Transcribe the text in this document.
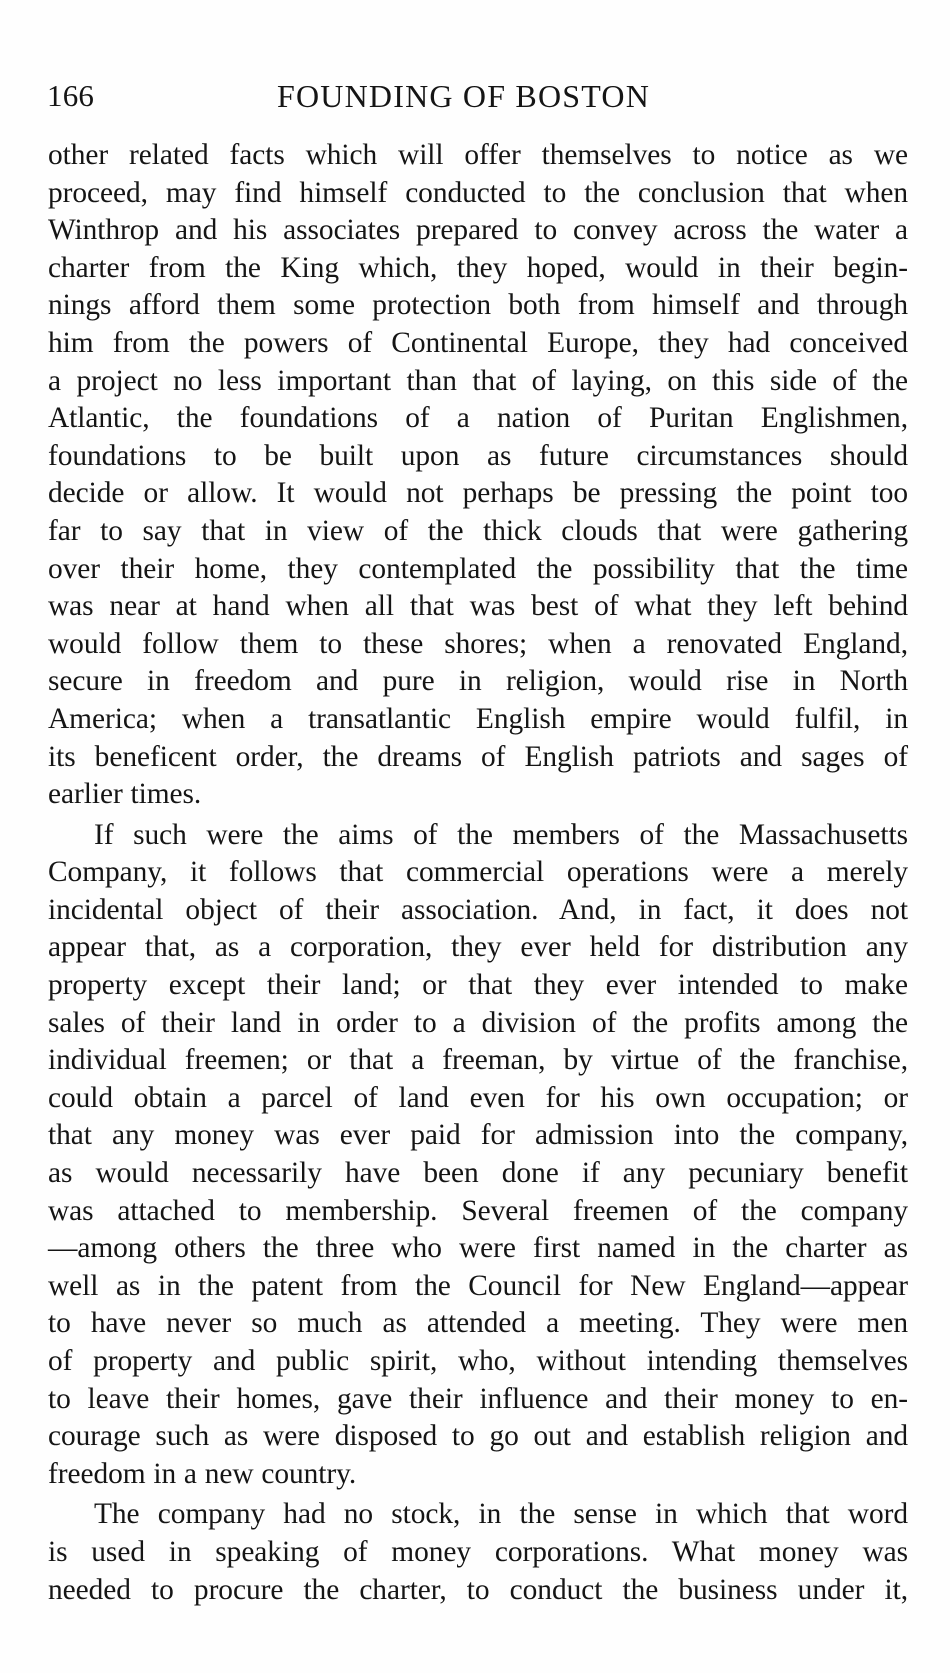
166	FOUNDING OF BOSTON
other related facts which will offer themselves to notice as we
proceed, may find himself conducted to the conclusion that when
Winthrop and his associates prepared to convey across the water a
charter from the King which, they hoped, would in their begin-
nings afford them some protection both from himself and through
him from the powers of Continental Europe, they had conceived
a project no less important than that of laying, on this side of the
Atlantic, the foundations of a nation of Puritan Englishmen,
foundations to be built upon as future circumstances should
decide or allow. It would not perhaps be pressing the point too
far to say that in view of the thick clouds that were gathering
over their home, they contemplated the possibility that the time
was near at hand when all that was best of what they left behind
would follow them to these shores; when a renovated England,
secure in freedom and pure in religion, would rise in North
America; when a transatlantic English empire would fulfil, in
its beneficent order, the dreams of English patriots and sages of
earlier times.
If such were the aims of the members of the Massachusetts
Company, it follows that commercial operations were a merely
incidental object of their association. And, in fact, it does not
appear that, as a corporation, they ever held for distribution any
property except their land; or that they ever intended to make
sales of their land in order to a division of the profits among the
individual freemen; or that a freeman, by virtue of the franchise,
could obtain a parcel of land even for his own occupation; or
that any money was ever paid for admission into the company,
as would necessarily have been done if any pecuniary benefit
was attached to membership. Several freemen of the company
—among others the three who were first named in the charter as
well as in the patent from the Council for New England—appear
to have never so much as attended a meeting. They were men
of property and public spirit, who, without intending themselves
to leave their homes, gave their influence and their money to en-
courage such as were disposed to go out and establish religion and
freedom in a new country.
The company had no stock, in the sense in which that word
is used in speaking of money corporations. What money was
needed to procure the charter, to conduct the business under it,
